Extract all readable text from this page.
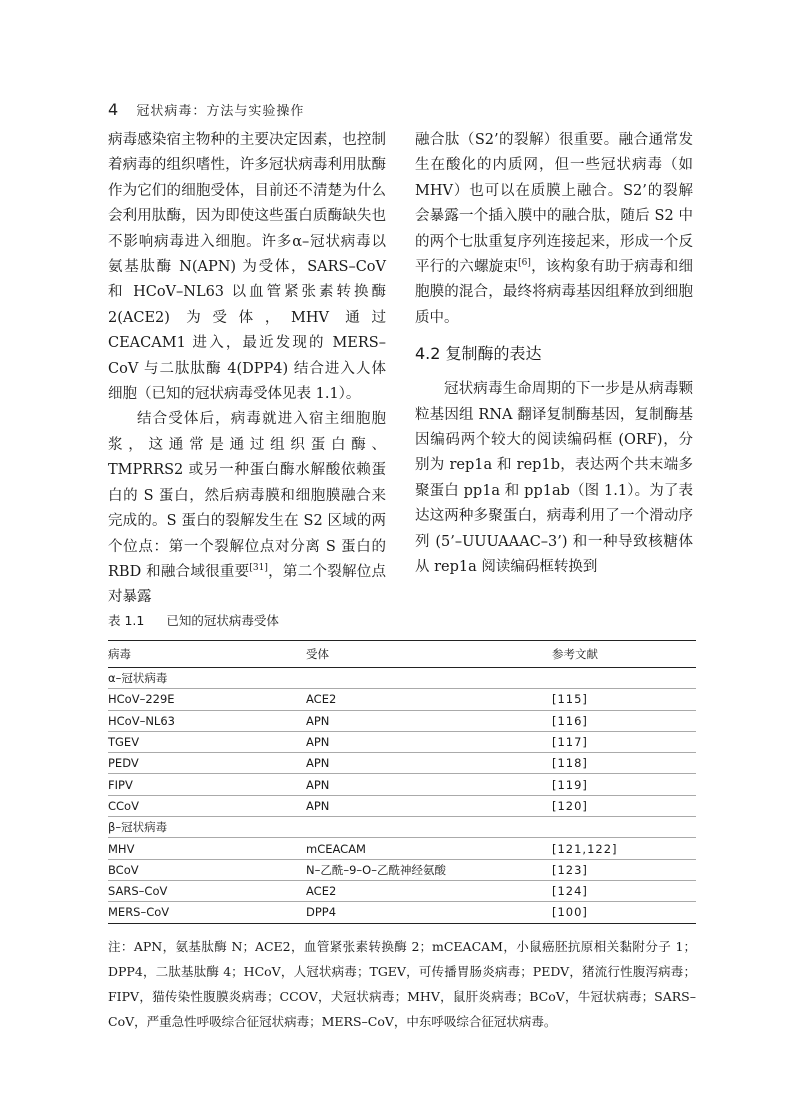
4 冠状病毒：方法与实验操作

病毒感染宿主物种的主要决定因素，也控制着病毒的组织嗜性，许多冠状病毒利用肽酶作为它们的细胞受体，目前还不清楚为什么会利用肽酶，因为即使这些蛋白质酶缺失也不影响病毒进入细胞。许多α–冠状病毒以氨基肽酶 N(APN) 为受体，SARS–CoV 和 HCoV–NL63 以血管紧张素转换酶 2(ACE2) 为受体，MHV 通过 CEACAM1 进入，最近发现的 MERS–CoV 与二肽肽酶 4(DPP4) 结合进入人体细胞（已知的冠状病毒受体见表 1.1）。

结合受体后，病毒就进入宿主细胞胞浆，这通常是通过组织蛋白酶、TMPRRS2 或另一种蛋白酶水解酸依赖蛋白的 S 蛋白，然后病毒膜和细胞膜融合来完成的。S 蛋白的裂解发生在 S2 区域的两个位点：第一个裂解位点对分离 S 蛋白的 RBD 和融合域很重要[31]，第二个裂解位点对暴露

融合肽（S2’的裂解）很重要。融合通常发生在酸化的内质网，但一些冠状病毒（如 MHV）也可以在质膜上融合。S2’的裂解会暴露一个插入膜中的融合肽，随后 S2 中的两个七肽重复序列连接起来，形成一个反平行的六螺旋束[6]，该构象有助于病毒和细胞膜的混合，最终将病毒基因组释放到细胞质中。

4.2 复制酶的表达

冠状病毒生命周期的下一步是从病毒颗粒基因组 RNA 翻译复制酶基因，复制酶基因编码两个较大的阅读编码框 (ORF)，分别为 rep1a 和 rep1b，表达两个共末端多聚蛋白 pp1a 和 pp1ab（图 1.1）。为了表达这两种多聚蛋白，病毒利用了一个滑动序列 (5’–UUUAAAC–3’) 和一种导致核糖体从 rep1a 阅读编码框转换到

表 1.1 已知的冠状病毒受体
病毒	受体	参考文献
α–冠状病毒		
HCoV–229E	ACE2	[115]
HCoV–NL63	APN	[116]
TGEV	APN	[117]
PEDV	APN	[118]
FIPV	APN	[119]
CCoV	APN	[120]
β–冠状病毒		
MHV	mCEACAM	[121,122]
BCoV	N–乙酰–9–O–乙酰神经氨酸	[123]
SARS–CoV	ACE2	[124]
MERS–CoV	DPP4	[100]

注：APN，氨基肽酶 N；ACE2，血管紧张素转换酶 2；mCEACAM，小鼠癌胚抗原相关黏附分子 1；DPP4，二肽基肽酶 4；HCoV，人冠状病毒；TGEV，可传播胃肠炎病毒；PEDV，猪流行性腹泻病毒；FIPV，猫传染性腹膜炎病毒；CCOV，犬冠状病毒；MHV，鼠肝炎病毒；BCoV，牛冠状病毒；SARS–CoV，严重急性呼吸综合征冠状病毒；MERS–CoV，中东呼吸综合征冠状病毒。
